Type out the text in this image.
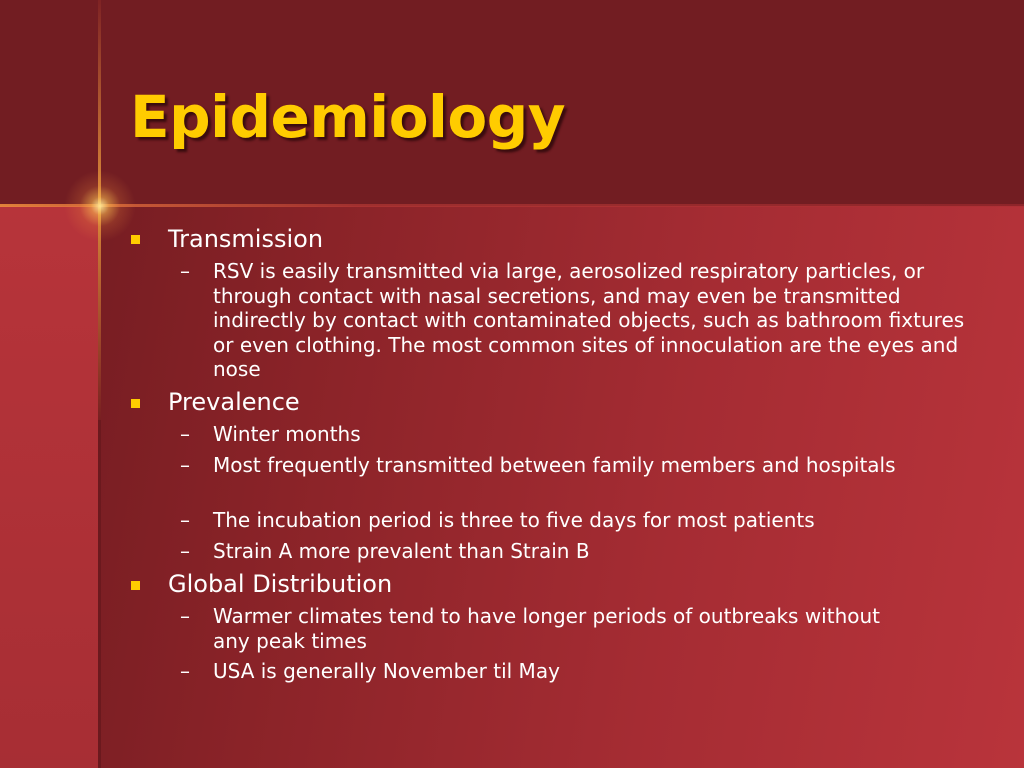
Epidemiology
Transmission
– RSV is easily transmitted via large, aerosolized respiratory particles, or through contact with nasal secretions, and may even be transmitted indirectly by contact with contaminated objects, such as bathroom fixtures or even clothing. The most common sites of innoculation are the eyes and nose
Prevalence
– Winter months
– Most frequently transmitted between family members and hospitals
– The incubation period is three to five days for most patients
– Strain A more prevalent than Strain B
Global Distribution
– Warmer climates tend to have longer periods of outbreaks without any peak times
– USA is generally November til May
